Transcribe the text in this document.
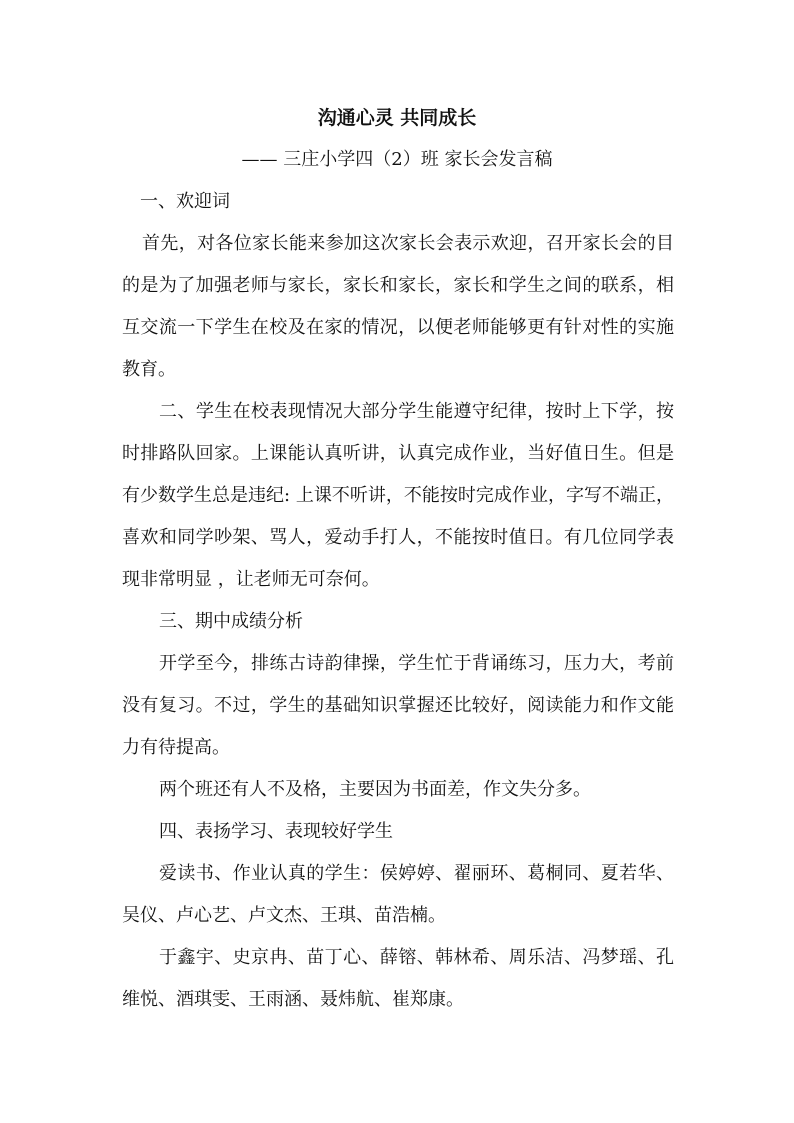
沟通心灵 共同成长
—— 三庄小学四（2）班 家长会发言稿
一、欢迎词
首先，对各位家长能来参加这次家长会表示欢迎，召开家长会的目
的是为了加强老师与家长，家长和家长，家长和学生之间的联系，相
互交流一下学生在校及在家的情况，以便老师能够更有针对性的实施
教育。
二、学生在校表现情况大部分学生能遵守纪律，按时上下学，按
时排路队回家。上课能认真听讲，认真完成作业，当好值日生。但是
有少数学生总是违纪: 上课不听讲，不能按时完成作业，字写不端正，
喜欢和同学吵架、骂人，爱动手打人，不能按时值日。有几位同学表
现非常明显 ，让老师无可奈何。
三、期中成绩分析
开学至今，排练古诗韵律操，学生忙于背诵练习，压力大，考前
没有复习。不过，学生的基础知识掌握还比较好，阅读能力和作文能
力有待提高。
两个班还有人不及格，主要因为书面差，作文失分多。
四、表扬学习、表现较好学生
爱读书、作业认真的学生：侯婷婷、翟丽环、葛桐同、夏若华、
吴仪、卢心艺、卢文杰、王琪、苗浩楠。
于鑫宇、史京冉、苗丁心、薛镕、韩林希、周乐洁、冯梦瑶、孔
维悦、酒琪雯、王雨涵、聂炜航、崔郑康。
